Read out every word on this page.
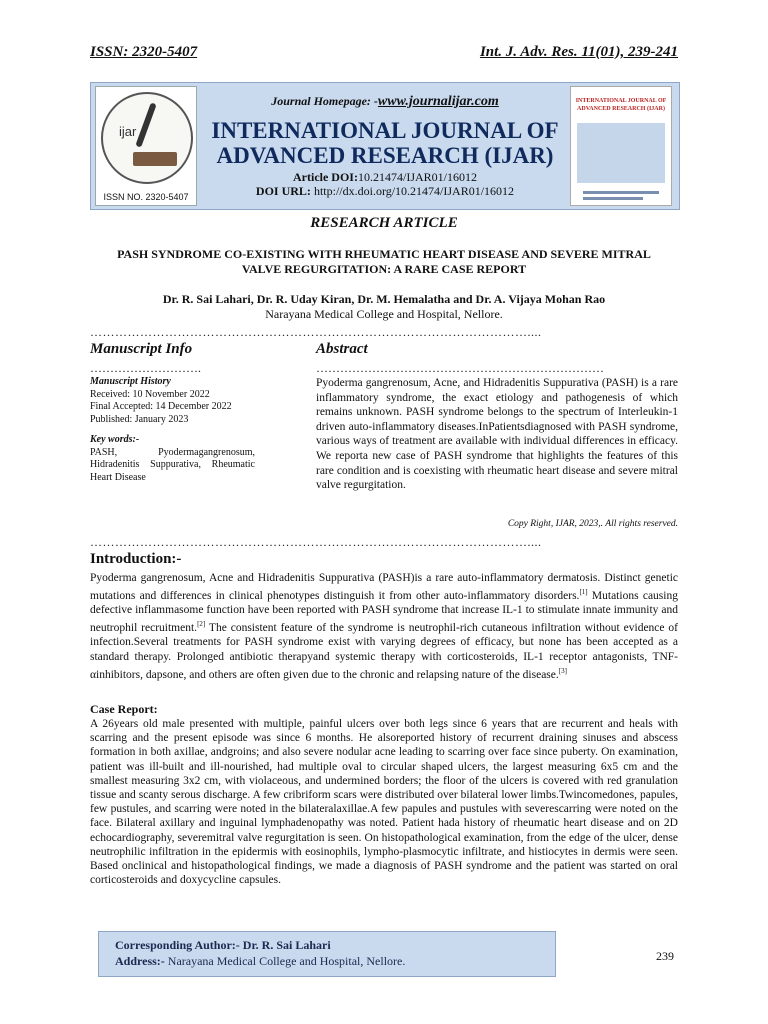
ISSN: 2320-5407	Int. J. Adv. Res. 11(01), 239-241
ijar
ISSN NO. 2320-5407
INTERNATIONAL JOURNAL OF ADVANCED RESEARCH (IJAR)
Journal Homepage: -www.journalijar.com
INTERNATIONAL JOURNAL OF ADVANCED RESEARCH (IJAR)
Article DOI:10.21474/IJAR01/16012
DOI URL: http://dx.doi.org/10.21474/IJAR01/16012
RESEARCH ARTICLE
PASH SYNDROME CO-EXISTING WITH RHEUMATIC HEART DISEASE AND SEVERE MITRAL VALVE REGURGITATION: A RARE CASE REPORT
Dr. R. Sai Lahari, Dr. R. Uday Kiran, Dr. M. Hemalatha and Dr. A. Vijaya Mohan Rao
Narayana Medical College and Hospital, Nellore.
……………………………………………………………………………………………....
Manuscript Info	Abstract
……………………….	………………………………………………………………
Manuscript History
Received: 10 November 2022
Final Accepted: 14 December 2022
Published: January 2023
Key words:-
PASH, Pyodermagangrenosum, Hidradenitis Suppurativa, Rheumatic Heart Disease
Pyoderma gangrenosum, Acne, and Hidradenitis Suppurativa (PASH) is a rare inflammatory syndrome, the exact etiology and pathogenesis of which remains unknown. PASH syndrome belongs to the spectrum of Interleukin-1 driven auto-inflammatory diseases.InPatientsdiagnosed with PASH syndrome, various ways of treatment are available with individual differences in efficacy. We reporta new case of PASH syndrome that highlights the features of this rare condition and is coexisting with rheumatic heart disease and severe mitral valve regurgitation.
Copy Right, IJAR, 2023,. All rights reserved.
……………………………………………………………………………………………....
Introduction:-
Pyoderma gangrenosum, Acne and Hidradenitis Suppurativa (PASH)is a rare auto-inflammatory dermatosis. Distinct genetic mutations and differences in clinical phenotypes distinguish it from other auto-inflammatory disorders.[1] Mutations causing defective inflammasome function have been reported with PASH syndrome that increase IL-1 to stimulate innate immunity and neutrophil recruitment.[2] The consistent feature of the syndrome is neutrophil-rich cutaneous infiltration without evidence of infection.Several treatments for PASH syndrome exist with varying degrees of efficacy, but none has been accepted as a standard therapy. Prolonged antibiotic therapyand systemic therapy with corticosteroids, IL-1 receptor antagonists, TNF-αinhibitors, dapsone, and others are often given due to the chronic and relapsing nature of the disease.[3]
Case Report:
A 26years old male presented with multiple, painful ulcers over both legs since 6 years that are recurrent and heals with scarring and the present episode was since 6 months. He alsoreported history of recurrent draining sinuses and abscess formation in both axillae, andgroins; and also severe nodular acne leading to scarring over face since puberty. On examination, patient was ill-built and ill-nourished, had multiple oval to circular shaped ulcers, the largest measuring 6x5 cm and the smallest measuring 3x2 cm, with violaceous, and undermined borders; the floor of the ulcers is covered with red granulation tissue and scanty serous discharge. A few cribriform scars were distributed over bilateral lower limbs.Twincomedones, papules, few pustules, and scarring were noted in the bilateralaxillae.A few papules and pustules with severescarring were noted on the face. Bilateral axillary and inguinal lymphadenopathy was noted. Patient hada history of rheumatic heart disease and on 2D echocardiography, severemitral valve regurgitation is seen. On histopathological examination, from the edge of the ulcer, dense neutrophilic infiltration in the epidermis with eosinophils, lympho-plasmocytic infiltrate, and histiocytes in dermis were seen. Based onclinical and histopathological findings, we made a diagnosis of PASH syndrome and the patient was started on oral corticosteroids and doxycycline capsules.
Corresponding Author:- Dr. R. Sai Lahari
Address:- Narayana Medical College and Hospital, Nellore.	239
